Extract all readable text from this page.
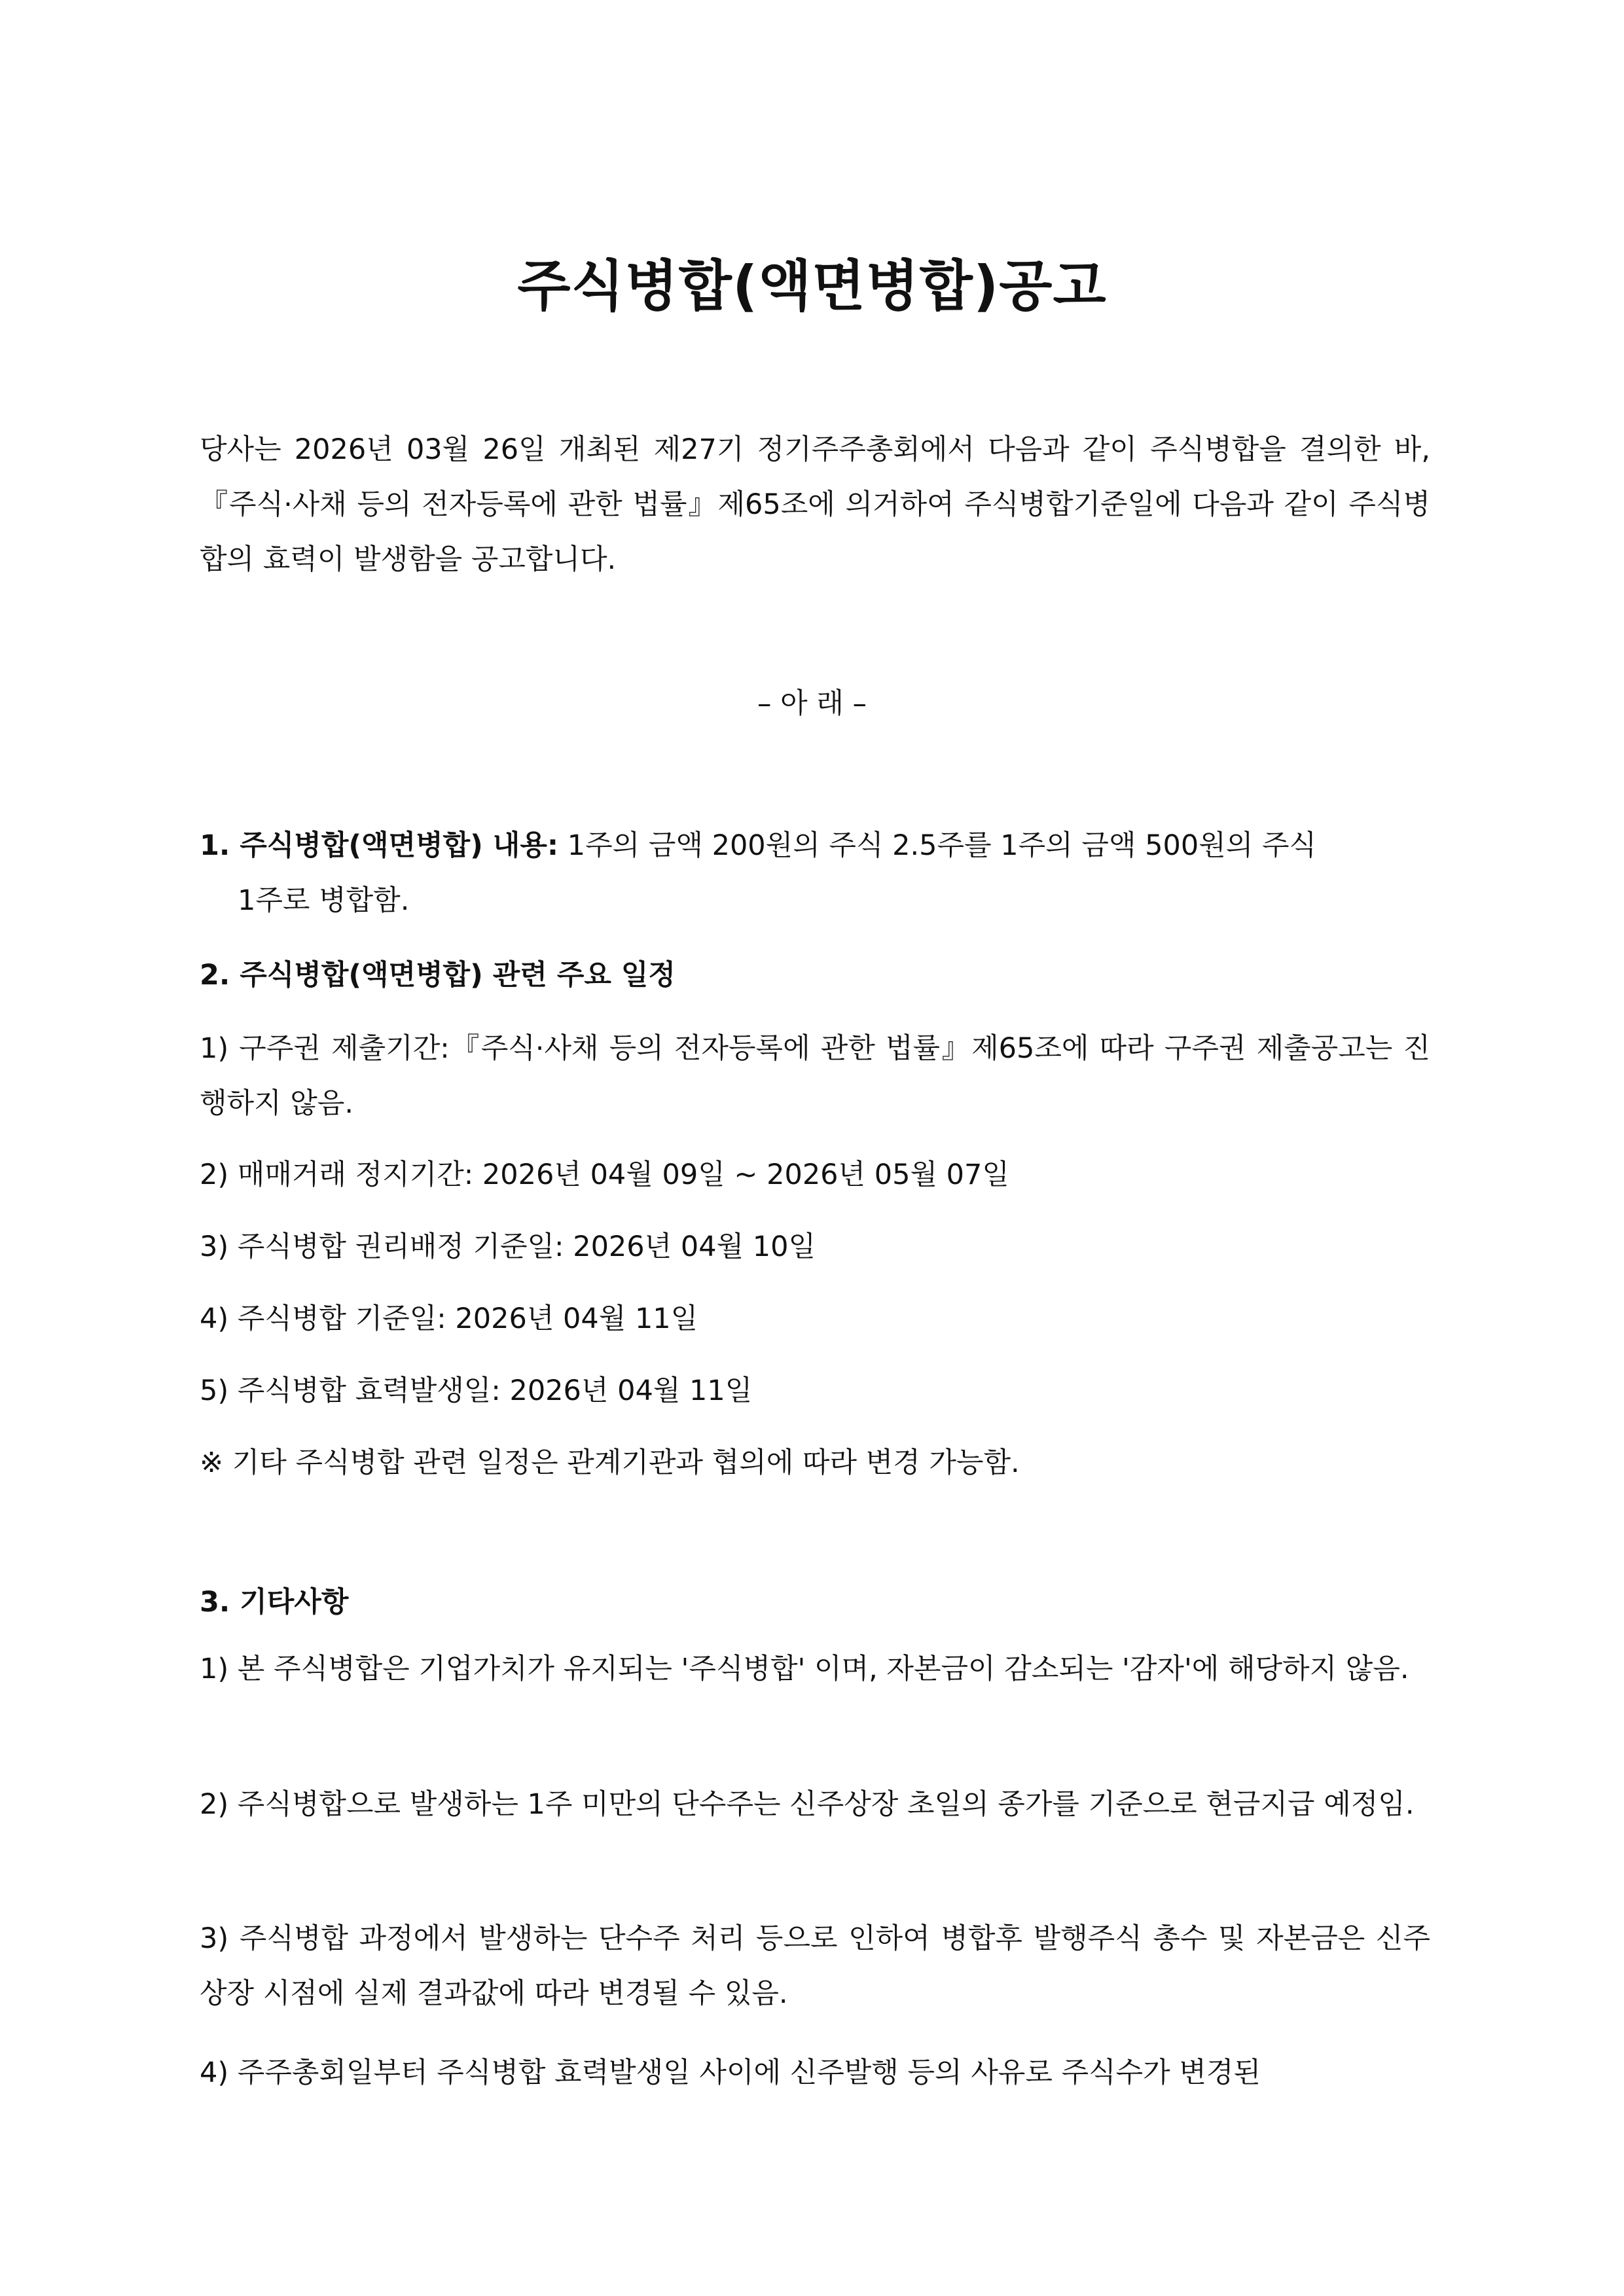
주식병합(액면병합)공고
당사는 2026년 03월 26일 개최된 제27기 정기주주총회에서 다음과 같이 주식병합을 결의한 바,『주식·사채 등의 전자등록에 관한 법률』제65조에 의거하여 주식병합기준일에 다음과 같이 주식병합의 효력이 발생함을 공고합니다.
– 아 래 –
1. 주식병합(액면병합) 내용: 1주의 금액 200원의 주식 2.5주를 1주의 금액 500원의 주식
1주로 병합함.
2. 주식병합(액면병합) 관련 주요 일정
1) 구주권 제출기간:『주식·사채 등의 전자등록에 관한 법률』제65조에 따라 구주권 제출공고는 진행하지 않음.
2) 매매거래 정지기간: 2026년 04월 09일 ~ 2026년 05월 07일
3) 주식병합 권리배정 기준일: 2026년 04월 10일
4) 주식병합 기준일: 2026년 04월 11일
5) 주식병합 효력발생일: 2026년 04월 11일
※ 기타 주식병합 관련 일정은 관계기관과 협의에 따라 변경 가능함.
3. 기타사항
1) 본 주식병합은 기업가치가 유지되는 '주식병합' 이며, 자본금이 감소되는 '감자'에 해당하지 않음.
2) 주식병합으로 발생하는 1주 미만의 단수주는 신주상장 초일의 종가를 기준으로 현금지급 예정임.
3) 주식병합 과정에서 발생하는 단수주 처리 등으로 인하여 병합후 발행주식 총수 및 자본금은 신주상장 시점에 실제 결과값에 따라 변경될 수 있음.
4) 주주총회일부터 주식병합 효력발생일 사이에 신주발행 등의 사유로 주식수가 변경된
